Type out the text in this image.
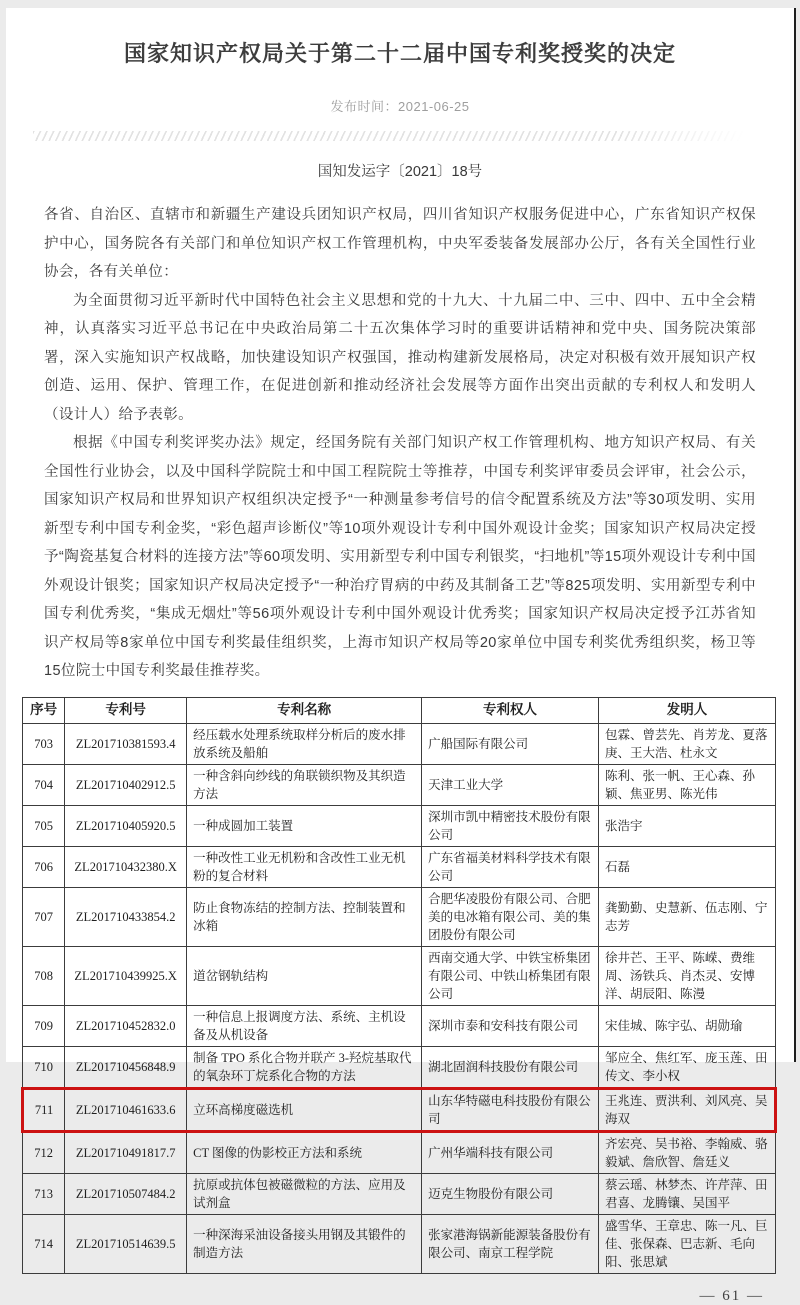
国家知识产权局关于第二十二届中国专利奖授奖的决定
发布时间：2021-06-25
国知发运字〔2021〕18号

各省、自治区、直辖市和新疆生产建设兵团知识产权局，四川省知识产权服务促进中心，广东省知识产权保护中心，国务院各有关部门和单位知识产权工作管理机构，中央军委装备发展部办公厅，各有关全国性行业协会，各有关单位：

为全面贯彻习近平新时代中国特色社会主义思想和党的十九大、十九届二中、三中、四中、五中全会精神，认真落实习近平总书记在中央政治局第二十五次集体学习时的重要讲话精神和党中央、国务院决策部署，深入实施知识产权战略，加快建设知识产权强国，推动构建新发展格局，决定对积极有效开展知识产权创造、运用、保护、管理工作，在促进创新和推动经济社会发展等方面作出突出贡献的专利权人和发明人（设计人）给予表彰。

根据《中国专利奖评奖办法》规定，经国务院有关部门知识产权工作管理机构、地方知识产权局、有关全国性行业协会，以及中国科学院院士和中国工程院院士等推荐，中国专利奖评审委员会评审，社会公示，国家知识产权局和世界知识产权组织决定授予“一种测量参考信号的信令配置系统及方法”等30项发明、实用新型专利中国专利金奖，“彩色超声诊断仪”等10项外观设计专利中国外观设计金奖；国家知识产权局决定授予“陶瓷基复合材料的连接方法”等60项发明、实用新型专利中国专利银奖，“扫地机”等15项外观设计专利中国外观设计银奖；国家知识产权局决定授予“一种治疗胃病的中药及其制备工艺”等825项发明、实用新型专利中国专利优秀奖，“集成无烟灶”等56项外观设计专利中国外观设计优秀奖；国家知识产权局决定授予江苏省知识产权局等8家单位中国专利奖最佳组织奖，上海市知识产权局等20家单位中国专利奖优秀组织奖，杨卫等15位院士中国专利奖最佳推荐奖。

序号	专利号	专利名称	专利权人	发明人
703	ZL201710381593.4	经压载水处理系统取样分析后的废水排放系统及船舶	广船国际有限公司	包霖、曾芸先、肖芳龙、夏落庚、王大浩、杜永文
704	ZL201710402912.5	一种含斜向纱线的角联锁织物及其织造方法	天津工业大学	陈利、张一帆、王心森、孙颖、焦亚男、陈光伟
705	ZL201710405920.5	一种成圆加工装置	深圳市凯中精密技术股份有限公司	张浩宇
706	ZL201710432380.X	一种改性工业无机粉和含改性工业无机粉的复合材料	广东省福美材料科学技术有限公司	石磊
707	ZL201710433854.2	防止食物冻结的控制方法、控制装置和冰箱	合肥华凌股份有限公司、合肥美的电冰箱有限公司、美的集团股份有限公司	龚勤勤、史慧新、伍志刚、宁志芳
708	ZL201710439925.X	道岔钢轨结构	西南交通大学、中铁宝桥集团有限公司、中铁山桥集团有限公司	徐井芒、王平、陈嵘、费维周、汤铁兵、肖杰灵、安博洋、胡辰阳、陈漫
709	ZL201710452832.0	一种信息上报调度方法、系统、主机设备及从机设备	深圳市泰和安科技有限公司	宋佳城、陈宇弘、胡勋瑜
710	ZL201710456848.9	制备 TPO 系化合物并联产 3-羟烷基取代的氧杂环丁烷系化合物的方法	湖北固润科技股份有限公司	邹应全、焦红军、庞玉莲、田传文、李小权
711	ZL201710461633.6	立环高梯度磁选机	山东华特磁电科技股份有限公司	王兆连、贾洪利、刘风亮、吴海双
712	ZL201710491817.7	CT 图像的伪影校正方法和系统	广州华端科技有限公司	齐宏亮、吴书裕、李翰威、骆毅斌、詹欣智、詹廷义
713	ZL201710507484.2	抗原或抗体包被磁微粒的方法、应用及试剂盒	迈克生物股份有限公司	蔡云瑶、林梦杰、许芹萍、田君喜、龙腾镶、吴国平
714	ZL201710514639.5	一种深海采油设备接头用钢及其锻件的制造方法	张家港海锅新能源装备股份有限公司、南京工程学院	盛雪华、王章忠、陈一凡、巨佳、张保森、巴志新、毛向阳、张思斌
— 61 —
